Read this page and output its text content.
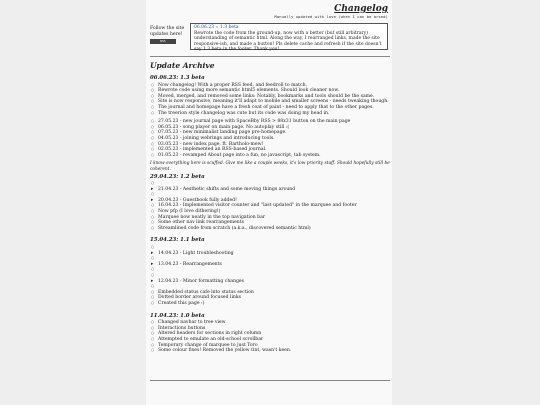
Changelog
Manually updated with love (when I can be arsed)
Follow the site updates here!
RSS
06.06.23 :: 1.3 beta
Rewrote the code from the ground-up, now with a better (but still arbitrary) understanding of semantic html. Along the way, I rearranged links, made the site responsive-ish, and made a button! Pls delete cache and refresh if the site doesn't say 1.3 beta in the footer. Thank you!
Update Archive
06.06.23: 1.3 beta
○ Now changelog! With a proper RSS feed, and feedroll to match.
○ Rewrote code using more semantic html5 elements. Should look cleaner now.
○ Moved, merged, and removed some links: Notably, bookmarks and tools should be the same.
○ Site is now responsive, meaning it'll adapt to mobile and smaller screens - needs tweaking though.
○ The journal and homepage have a fresh coat of paint - need to apply that to the other pages.
○ The treerion style changelog was cute but its code was doing my head in.
○ 27.05.23 - new journal page with SpaceBby RSS > 88x31 button on the main page
○ 06.05.23 - song player on main page. No autoplay still :(
○ 07.05.23 - new minimalist landing page pre-homepage.
○ 04.05.23 - joining webrings and introducing tools.
○ 03.05.23 - new index page, ft. Bartholo-mew!
○ 02.05.23 - implemented an RSS-based journal.
○ 01.05.23 - revamped About page into a fun, no javascript, tab system.
I know everything here is scuffed. Give me like a couple weeks, it's low priority stuff. Should hopefully still be coherent.
29.04.23: 1.2 beta
○
▸ 21.04.23 - Aesthetic shifts and some moving things around
○
▸ 20.04.23 - Guestbook fully added!
○ 16.04.23 - Implemented visitor counter and "last updated" in the marquee and footer
○ Now pfp (I love dithering!)
○ Marquee now neatly in the top navigation bar
○ Some other nav link rearrangements
○ Streamlined code from scratch (a.k.a., discovered semantic html)
15.04.23: 1.1 beta
○
▸ 14.04.23 - Light troubleshooting
○
▸ 13.04.23 - Rearrangements
○
○
▸ 12.04.23 - Minor formatting changes
○
○ Embedded status cafe into status section
○ Dotted border around focused links
○ Created this page :)
11.04.23: 1.0 beta
○ Changed navbar to tree view
○ Interactions buttons
○ Altered headers for sections in right column
○ Attempted to emulate an old-school scrollbar
○ Temporary change of marquee to just Toro
○ Some colour fixes! Removed the yellow tint, wasn't keen.
